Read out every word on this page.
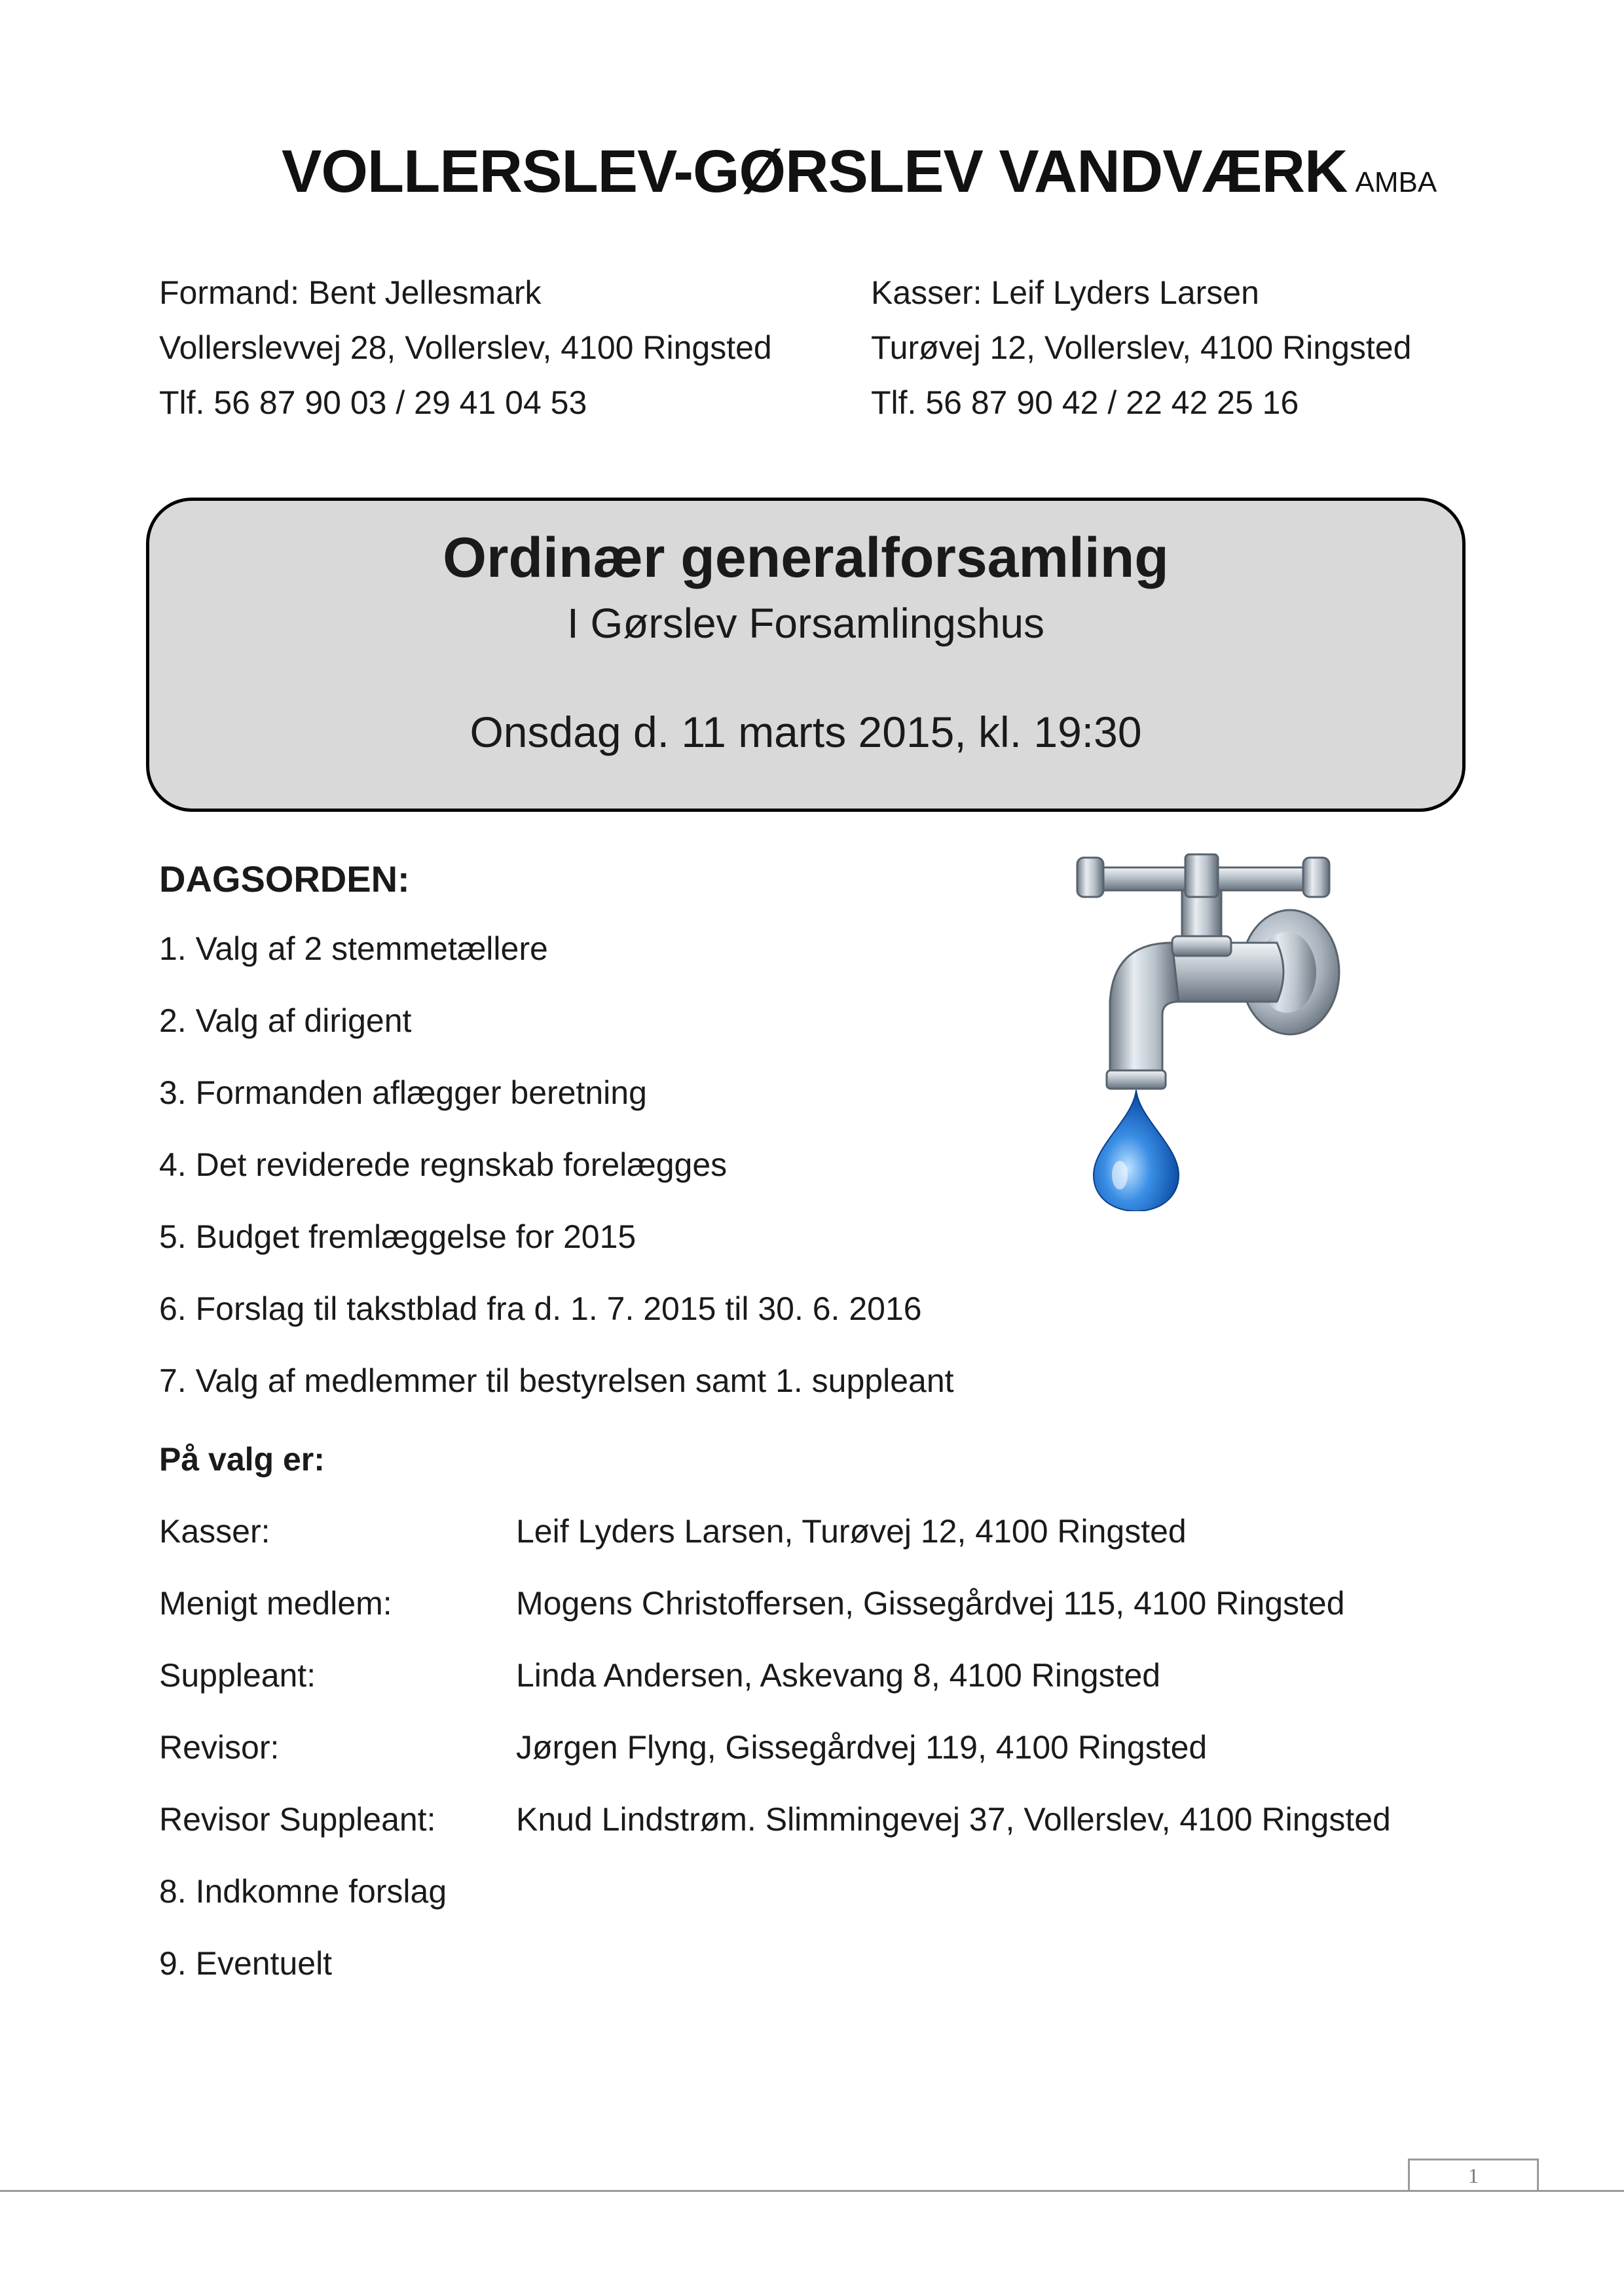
VOLLERSLEV-GØRSLEV VANDVÆRK AMBA
Formand: Bent Jellesmark
Vollerslevvej 28, Vollerslev, 4100 Ringsted
Tlf. 56 87 90 03 / 29 41 04 53
Kasser: Leif Lyders Larsen
Turøvej 12, Vollerslev, 4100 Ringsted
Tlf. 56 87 90 42 / 22 42 25 16
Ordinær generalforsamling
I Gørslev Forsamlingshus
Onsdag d. 11 marts 2015, kl. 19:30
DAGSORDEN:
1. Valg af 2 stemmetællere
2. Valg af dirigent
3. Formanden aflægger beretning
4. Det reviderede regnskab forelægges
5. Budget fremlæggelse for 2015
6. Forslag til takstblad fra d. 1. 7. 2015 til 30. 6. 2016
7. Valg af medlemmer til bestyrelsen samt 1. suppleant
På valg er:
Kasser:	Leif Lyders Larsen, Turøvej 12, 4100 Ringsted
Menigt medlem:	Mogens Christoffersen, Gissegårdvej 115, 4100 Ringsted
Suppleant:	Linda Andersen, Askevang 8, 4100 Ringsted
Revisor:	Jørgen Flyng, Gissegårdvej 119, 4100 Ringsted
Revisor Suppleant: Knud Lindstrøm. Slimmingevej 37, Vollerslev, 4100 Ringsted
8. Indkomne forslag
9. Eventuelt
1
